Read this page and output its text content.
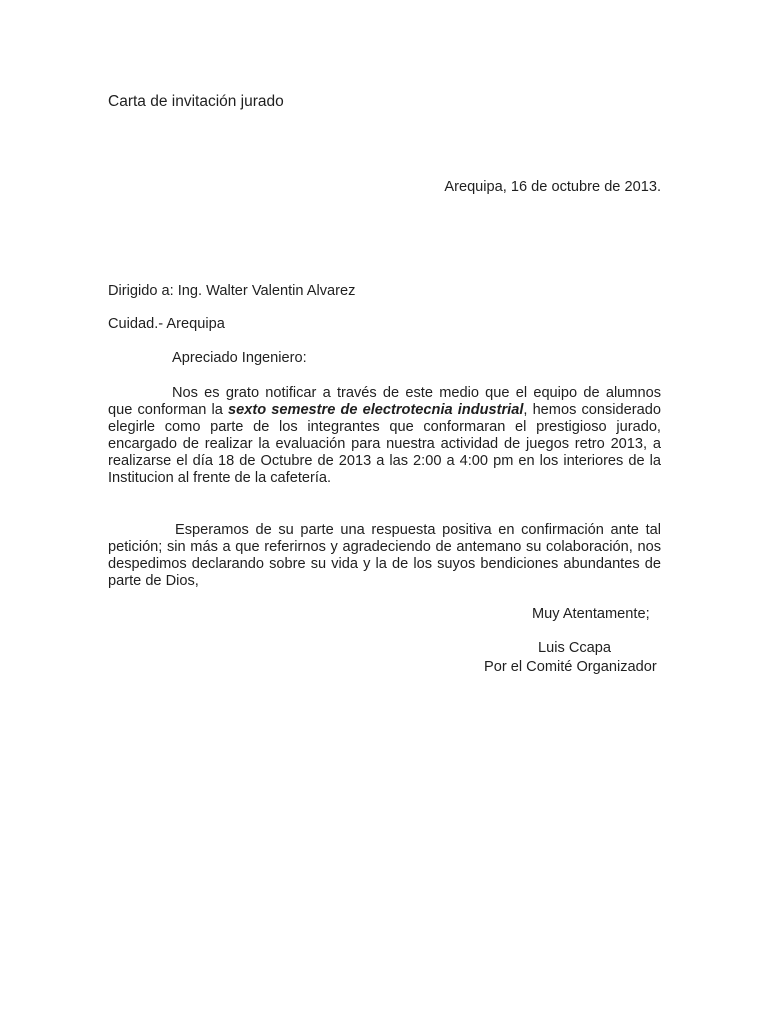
Carta de invitación jurado
Arequipa, 16 de octubre de 2013.
Dirigido a: Ing. Walter Valentin Alvarez
Cuidad.- Arequipa
Apreciado Ingeniero:
Nos es grato notificar a través de este medio que el equipo de alumnos que conforman la sexto semestre de electrotecnia industrial, hemos considerado elegirle como parte de los integrantes que conformaran el prestigioso jurado, encargado de realizar la evaluación para nuestra actividad de juegos retro 2013, a realizarse el día 18 de Octubre de 2013 a las 2:00 a 4:00 pm en los interiores de la Institucion al frente de la cafetería.
Esperamos de su parte una respuesta positiva en confirmación ante tal petición; sin más a que referirnos y agradeciendo de antemano su colaboración, nos despedimos declarando sobre su vida y la de los suyos bendiciones abundantes de parte de Dios,
Muy Atentamente;
Luis Ccapa
Por el Comité Organizador
